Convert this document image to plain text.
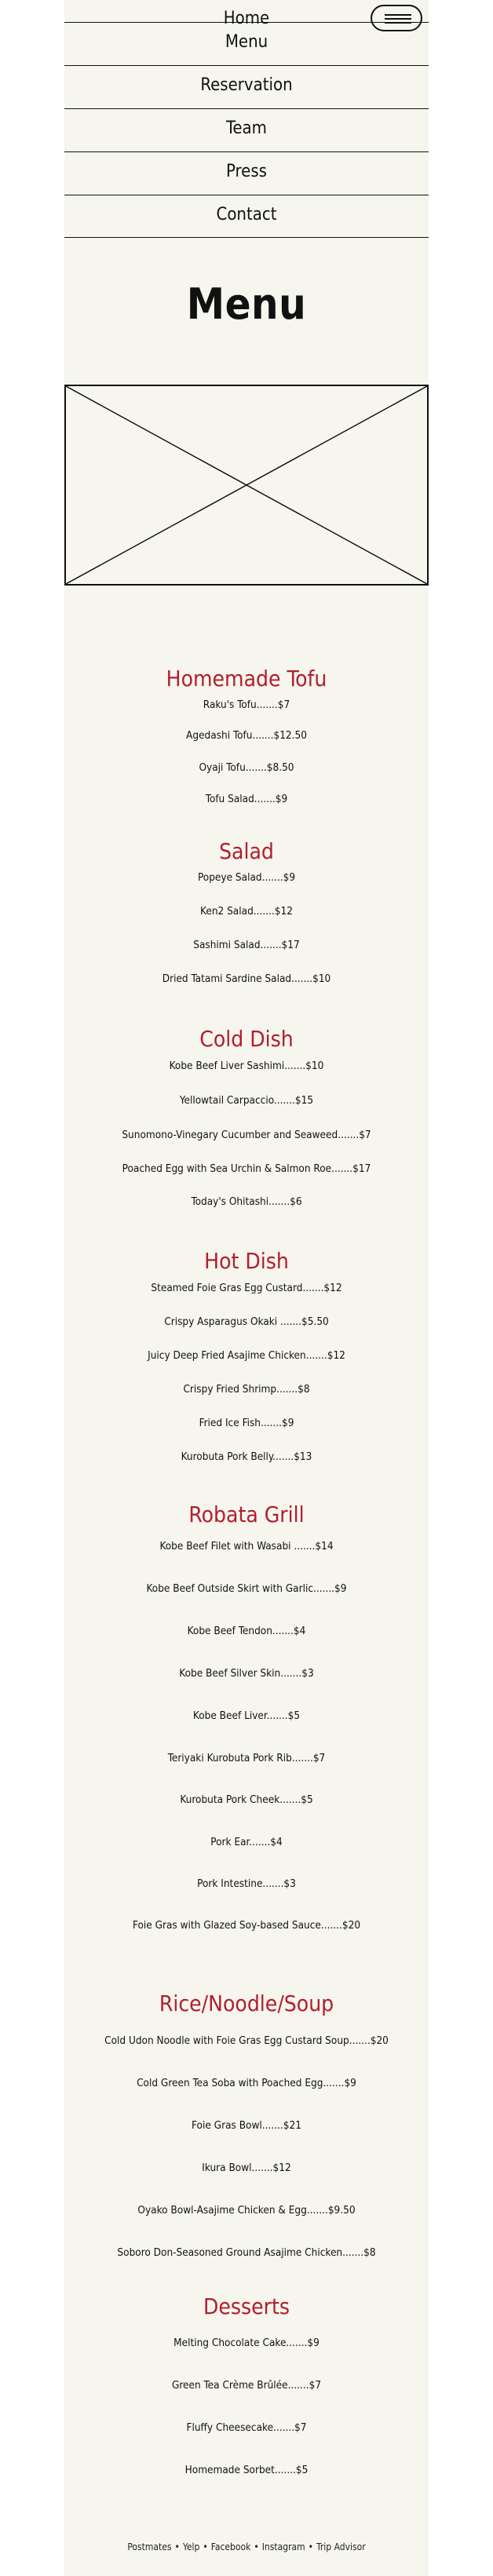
Home
Menu
Reservation
Team
Press
Contact
Menu
Homemade Tofu
Raku's Tofu.......$7
Agedashi Tofu.......$12.50
Oyaji Tofu.......$8.50
Tofu Salad.......$9
Salad
Popeye Salad.......$9
Ken2 Salad.......$12
Sashimi Salad.......$17
Dried Tatami Sardine Salad.......$10
Cold Dish
Kobe Beef Liver Sashimi.......$10
Yellowtail Carpaccio.......$15
Sunomono-Vinegary Cucumber and Seaweed.......$7
Poached Egg with Sea Urchin & Salmon Roe.......$17
Today's Ohitashi.......$6
Hot Dish
Steamed Foie Gras Egg Custard.......$12
Crispy Asparagus Okaki .......$5.50
Juicy Deep Fried Asajime Chicken.......$12
Crispy Fried Shrimp.......$8
Fried Ice Fish.......$9
Kurobuta Pork Belly.......$13
Robata Grill
Kobe Beef Filet with Wasabi .......$14
Kobe Beef Outside Skirt with Garlic.......$9
Kobe Beef Tendon.......$4
Kobe Beef Silver Skin.......$3
Kobe Beef Liver.......$5
Teriyaki Kurobuta Pork Rib.......$7
Kurobuta Pork Cheek.......$5
Pork Ear.......$4
Pork Intestine.......$3
Foie Gras with Glazed Soy-based Sauce.......$20
Rice/Noodle/Soup
Cold Udon Noodle with Foie Gras Egg Custard Soup.......$20
Cold Green Tea Soba with Poached Egg.......$9
Foie Gras Bowl.......$21
Ikura Bowl.......$12
Oyako Bowl-Asajime Chicken & Egg.......$9.50
Soboro Don-Seasoned Ground Asajime Chicken.......$8
Desserts
Melting Chocolate Cake.......$9
Green Tea Crème Brûlée.......$7
Fluffy Cheesecake.......$7
Homemade Sorbet.......$5
Postmates • Yelp • Facebook • Instagram • Trip Advisor
